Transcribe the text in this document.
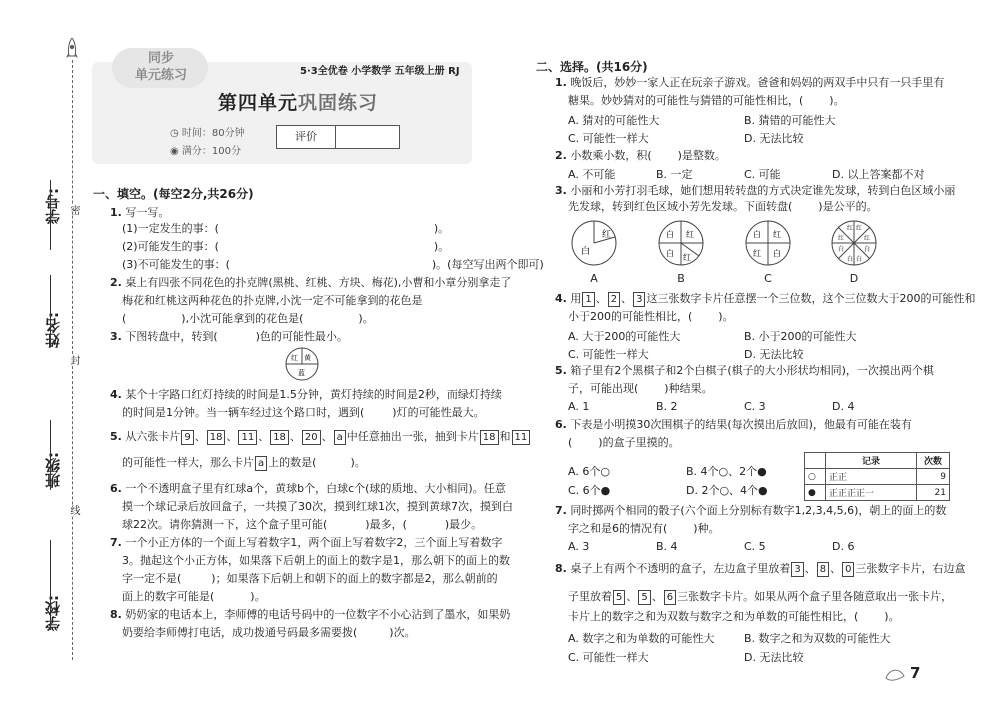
学号:
姓名:
班级:
学校:
密
封
线
同步
单元练习	5·3全优卷 小学数学 五年级上册 RJ
第四单元巩固练习
◷ 时间：80分钟
◉ 满分：100分
评价
一、填空。(每空2分,共26分)
1. 写一写。
(1)一定发生的事：(	)。
(2)可能发生的事：(	)。
(3)不可能发生的事：(	)。(每空写出两个即可)
2. 桌上有四张不同花色的扑克牌(黑桃、红桃、方块、梅花),小曹和小章分别拿走了
梅花和红桃这两种花色的扑克牌,小沈一定不可能拿到的花色是
(	),小沈可能拿到的花色是(	)。
3. 下图转盘中，转到(	)色的可能性最小。
红 黄
蓝
4. 某个十字路口红灯持续的时间是1.5分钟，黄灯持续的时间是2秒，而绿灯持续
的时间是1分钟。当一辆车经过这个路口时，遇到(	)灯的可能性最大。
5. 从六张卡片 9 、 18 、 11 、 18 、 20 、 a 中任意抽出一张，抽到卡片 18 和 11
的可能性一样大，那么卡片 a 上的数是(	)。
6. 一个不透明盒子里有红球a个，黄球b个，白球c个(球的质地、大小相同)。任意
摸一个球记录后放回盒子，一共摸了30次，摸到红球1次，摸到黄球7次，摸到白
球22次。请你猜测一下，这个盒子里可能(	)最多，(	)最少。
7. 一个小正方体的一个面上写着数字1，两个面上写着数字2，三个面上写着数字
3。抛起这个小正方体，如果落下后朝上的面上的数字是1，那么朝下的面上的数
字一定不是(	)；如果落下后朝上和朝下的面上的数字都是2，那么朝前的
面上的数字可能是(	)。
8. 奶奶家的电话本上，李师傅的电话号码中的一位数字不小心沾到了墨水，如果奶
奶要给李师傅打电话，成功拨通号码最多需要拨(	)次。
二、选择。(共16分)
1. 晚饭后，妙妙一家人正在玩亲子游戏。爸爸和妈妈的两双手中只有一只手里有
糖果。妙妙猜对的可能性与猜错的可能性相比，( )。
A. 猜对的可能性大	B. 猜错的可能性大
C. 可能性一样大	D. 无法比较
2. 小数乘小数，积( )是整数。
A. 不可能	B. 一定	C. 可能	D. 以上答案都不对
3. 小丽和小芳打羽毛球，她们想用转转盘的方式决定谁先发球，转到白色区域小丽
先发球，转到红色区域小芳先发球。下面转盘( )是公平的。
红
白
A
白 红
白 红
B
白 红
白
红
C
红 红
红
白
红
白
白 白
D
4. 用 1 、 2 、 3 这三张数字卡片任意摆一个三位数，这个三位数大于200的可能性和
小于200的可能性相比，( )。
A. 大于200的可能性大	B. 小于200的可能性大
C. 可能性一样大	D. 无法比较
5. 箱子里有2个黑棋子和2个白棋子(棋子的大小形状均相同)，一次摸出两个棋
子，可能出现( )种结果。
A. 1	B. 2	C. 3	D. 4
6. 下表是小明摸30次围棋子的结果(每次摸出后放回)，他最有可能在装有
( )的盒子里摸的。
A. 6个○	B. 4个○、2个●
C. 6个●	D. 2个○、4个●
	记录	次数
○	正正	9
●	正正正正一	21
7. 同时掷两个相同的骰子(六个面上分别标有数字1,2,3,4,5,6)，朝上的面上的数
字之和是6的情况有( )种。
A. 3	B. 4	C. 5	D. 6
8. 桌子上有两个不透明的盒子，左边盒子里放着 3 、 8 、 0 三张数字卡片，右边盒
子里放着 5 、 5 、 6 三张数字卡片。如果从两个盒子里各随意取出一张卡片，
卡片上的数字之和为双数与数字之和为单数的可能性相比，( )。
A. 数字之和为单数的可能性大	B. 数字之和为双数的可能性大
C. 可能性一样大	D. 无法比较
7
